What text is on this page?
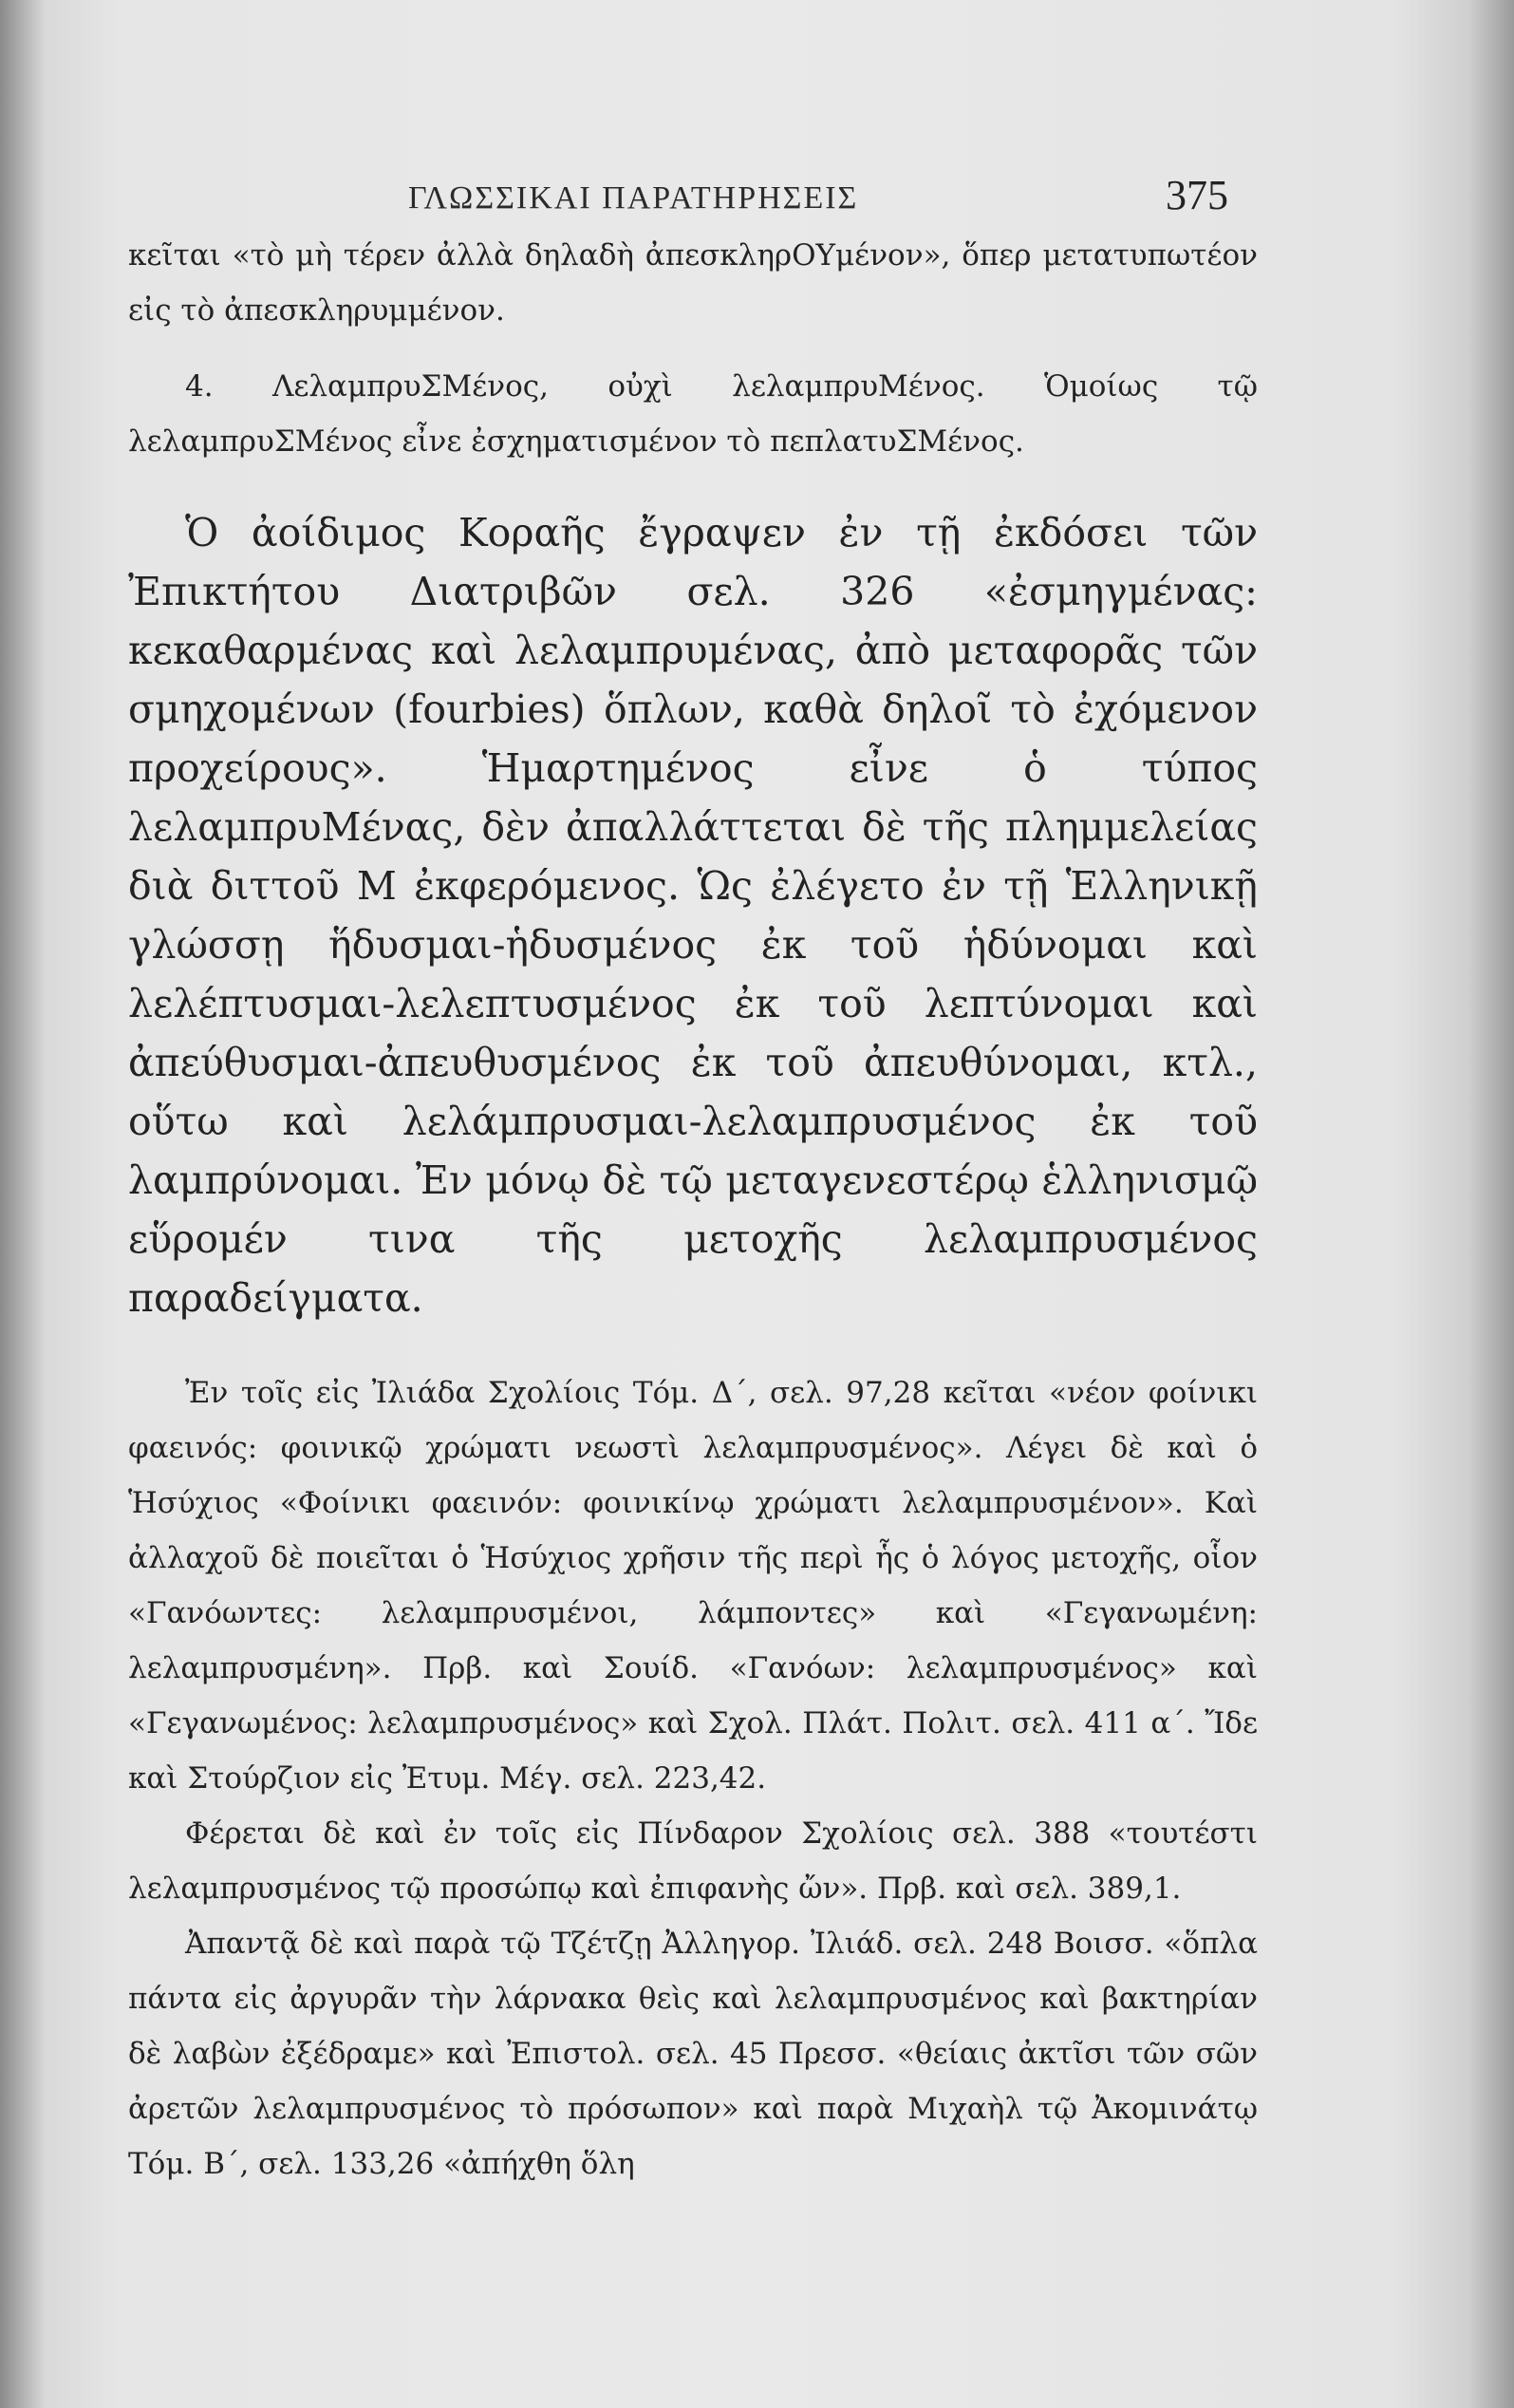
ΓΛΩΣΣΙΚΑΙ ΠΑΡΑΤΗΡΗΣΕΙΣ	375

κεῖται «τὸ μὴ τέρεν ἀλλὰ δηλαδὴ ἀπεσκληρΟΥμένον», ὅπερ μετατυπωτέον εἰς τὸ ἀπεσκληρυμμένον.

4. ΛελαμπρυΣΜένος, οὐχὶ λελαμπρυΜένος. Ὁμοίως τῷ λελαμπρυΣΜένος εἶνε ἐσχηματισμένον τὸ πεπλατυΣΜένος.

Ὁ ἀοίδιμος Κοραῆς ἔγραψεν ἐν τῇ ἐκδόσει τῶν Ἐπικτήτου Διατριβῶν σελ. 326 «ἐσμηγμένας: κεκαθαρμένας καὶ λελαμπρυμένας, ἀπὸ μεταφορᾶς τῶν σμηχομένων (fourbies) ὅπλων, καθὰ δηλοῖ τὸ ἐχόμενον προχείρους». Ἡμαρτημένος εἶνε ὁ τύπος λελαμπρυΜένας, δὲν ἀπαλλάττεται δὲ τῆς πλημμελείας διὰ διττοῦ Μ ἐκφερόμενος. Ὡς ἐλέγετο ἐν τῇ Ἑλληνικῇ γλώσσῃ ἥδυσμαι-ἡδυσμένος ἐκ τοῦ ἡδύνομαι καὶ λελέπτυσμαι-λελεπτυσμένος ἐκ τοῦ λεπτύνομαι καὶ ἀπεύθυσμαι-ἀπευθυσμένος ἐκ τοῦ ἀπευθύνομαι, κτλ., οὕτω καὶ λελάμπρυσμαι-λελαμπρυσμένος ἐκ τοῦ λαμπρύνομαι. Ἐν μόνῳ δὲ τῷ μεταγενεστέρῳ ἑλληνισμῷ εὕρομέν τινα τῆς μετοχῆς λελαμπρυσμένος παραδείγματα.

Ἐν τοῖς εἰς Ἰλιάδα Σχολίοις Τόμ. Δ΄, σελ. 97,28 κεῖται «νέον φοίνικι φαεινός: φοινικῷ χρώματι νεωστὶ λελαμπρυσμένος». Λέγει δὲ καὶ ὁ Ἡσύχιος «Φοίνικι φαεινόν: φοινικίνῳ χρώματι λελαμπρυσμένον». Καὶ ἀλλαχοῦ δὲ ποιεῖται ὁ Ἡσύχιος χρῆσιν τῆς περὶ ἧς ὁ λόγος μετοχῆς, οἷον «Γανόωντες: λελαμπρυσμένοι, λάμποντες» καὶ «Γεγανωμένη: λελαμπρυσμένη». Πρβ. καὶ Σουίδ. «Γανόων: λελαμπρυσμένος» καὶ «Γεγανωμένος: λελαμπρυσμένος» καὶ Σχολ. Πλάτ. Πολιτ. σελ. 411 α΄. Ἴδε καὶ Στούρζιον εἰς Ἐτυμ. Μέγ. σελ. 223,42.

Φέρεται δὲ καὶ ἐν τοῖς εἰς Πίνδαρον Σχολίοις σελ. 388 «τουτέστι λελαμπρυσμένος τῷ προσώπῳ καὶ ἐπιφανὴς ὤν». Πρβ. καὶ σελ. 389,1.

Ἀπαντᾷ δὲ καὶ παρὰ τῷ Τζέτζῃ Ἀλληγορ. Ἰλιάδ. σελ. 248 Βοισσ. «ὅπλα πάντα εἰς ἀργυρᾶν τὴν λάρνακα θεὶς καὶ λελαμπρυσμένος καὶ βακτηρίαν δὲ λαβὼν ἐξέδραμε» καὶ Ἐπιστολ. σελ. 45 Πρεσσ. «θείαις ἀκτῖσι τῶν σῶν ἀρετῶν λελαμπρυσμένος τὸ πρόσωπον» καὶ παρὰ Μιχαὴλ τῷ Ἀκομινάτῳ Τόμ. Β΄, σελ. 133,26 «ἀπήχθη ὅλη
